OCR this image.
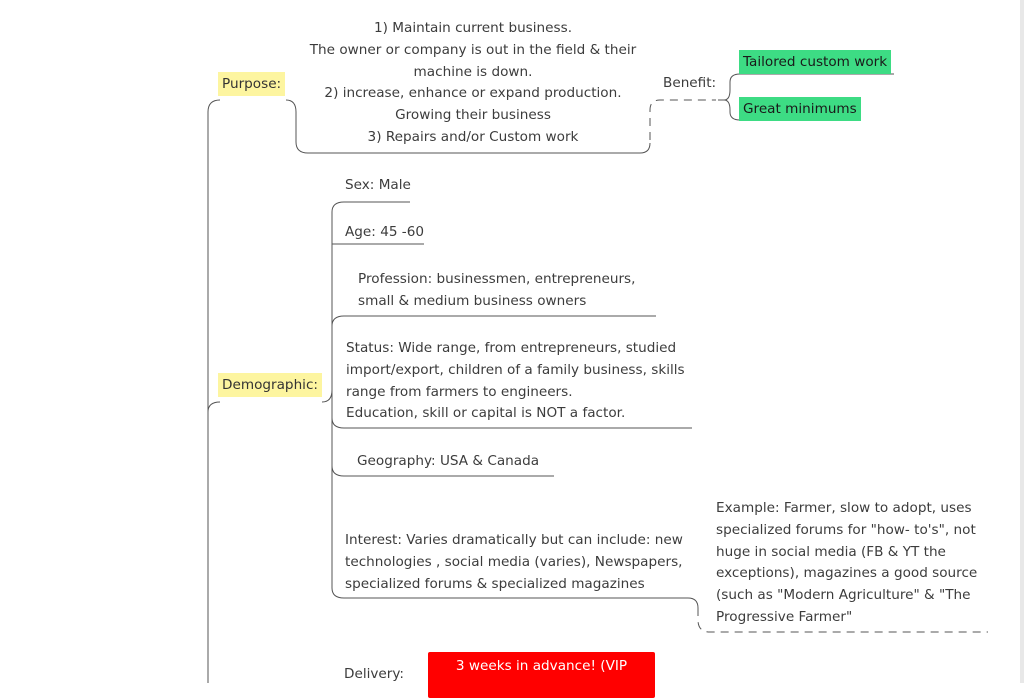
Purpose:
1) Maintain current business.
The owner or company is out in the field & their
machine is down.
2) increase, enhance or expand production.
Growing their business
3) Repairs and/or Custom work
Benefit:
Tailored custom work
Great minimums
Demographic:
Sex: Male
Age: 45 -60
Profession: businessmen, entrepreneurs,
small & medium business owners
Status: Wide range, from entrepreneurs, studied
import/export, children of a family business, skills
range from farmers to engineers.
Education, skill or capital is NOT a factor.
Geography: USA & Canada
Interest: Varies dramatically but can include: new
technologies , social media (varies), Newspapers,
specialized forums & specialized magazines
Example: Farmer, slow to adopt, uses
specialized forums for "how- to's", not
huge in social media (FB & YT the
exceptions), magazines a good source
(such as "Modern Agriculture" & "The
Progressive Farmer"
Delivery:	3 weeks in advance! (VIP
